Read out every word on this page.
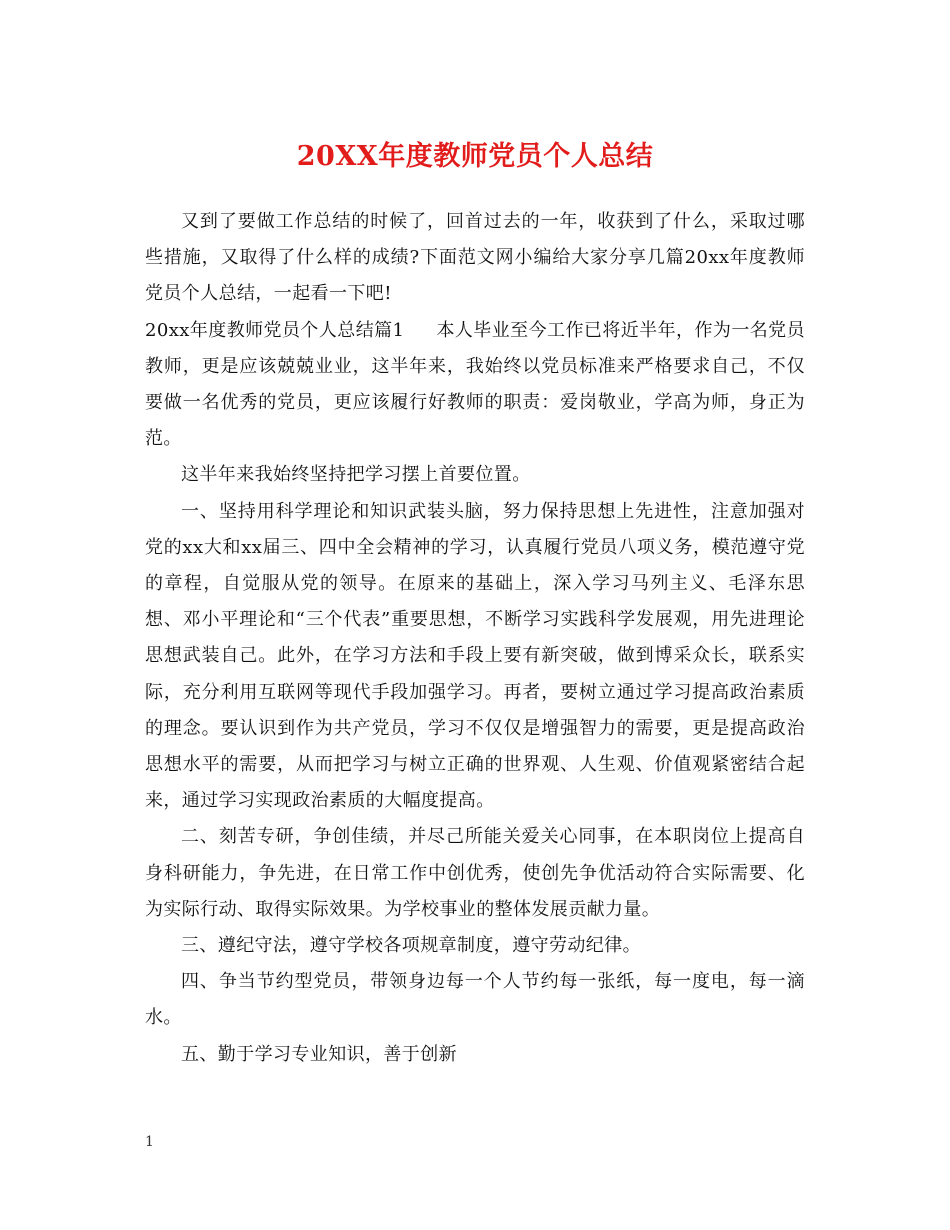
20XX年度教师党员个人总结

又到了要做工作总结的时候了，回首过去的一年，收获到了什么，采取过哪些措施，又取得了什么样的成绩?下面范文网小编给大家分享几篇20xx年度教师党员个人总结，一起看一下吧!

20xx年度教师党员个人总结篇1 本人毕业至今工作已将近半年，作为一名党员教师，更是应该兢兢业业，这半年来，我始终以党员标准来严格要求自己，不仅要做一名优秀的党员，更应该履行好教师的职责：爱岗敬业，学高为师，身正为范。

这半年来我始终坚持把学习摆上首要位置。

一、坚持用科学理论和知识武装头脑，努力保持思想上先进性，注意加强对党的xx大和xx届三、四中全会精神的学习，认真履行党员八项义务，模范遵守党的章程，自觉服从党的领导。在原来的基础上，深入学习马列主义、毛泽东思想、邓小平理论和“三个代表”重要思想，不断学习实践科学发展观，用先进理论思想武装自己。此外，在学习方法和手段上要有新突破，做到博采众长，联系实际，充分利用互联网等现代手段加强学习。再者，要树立通过学习提高政治素质的理念。要认识到作为共产党员，学习不仅仅是增强智力的需要，更是提高政治思想水平的需要，从而把学习与树立正确的世界观、人生观、价值观紧密结合起来，通过学习实现政治素质的大幅度提高。

二、刻苦专研，争创佳绩，并尽己所能关爱关心同事，在本职岗位上提高自身科研能力，争先进，在日常工作中创优秀，使创先争优活动符合实际需要、化为实际行动、取得实际效果。为学校事业的整体发展贡献力量。

三、遵纪守法，遵守学校各项规章制度，遵守劳动纪律。

四、争当节约型党员，带领身边每一个人节约每一张纸，每一度电，每一滴水。

五、勤于学习专业知识，善于创新

1
